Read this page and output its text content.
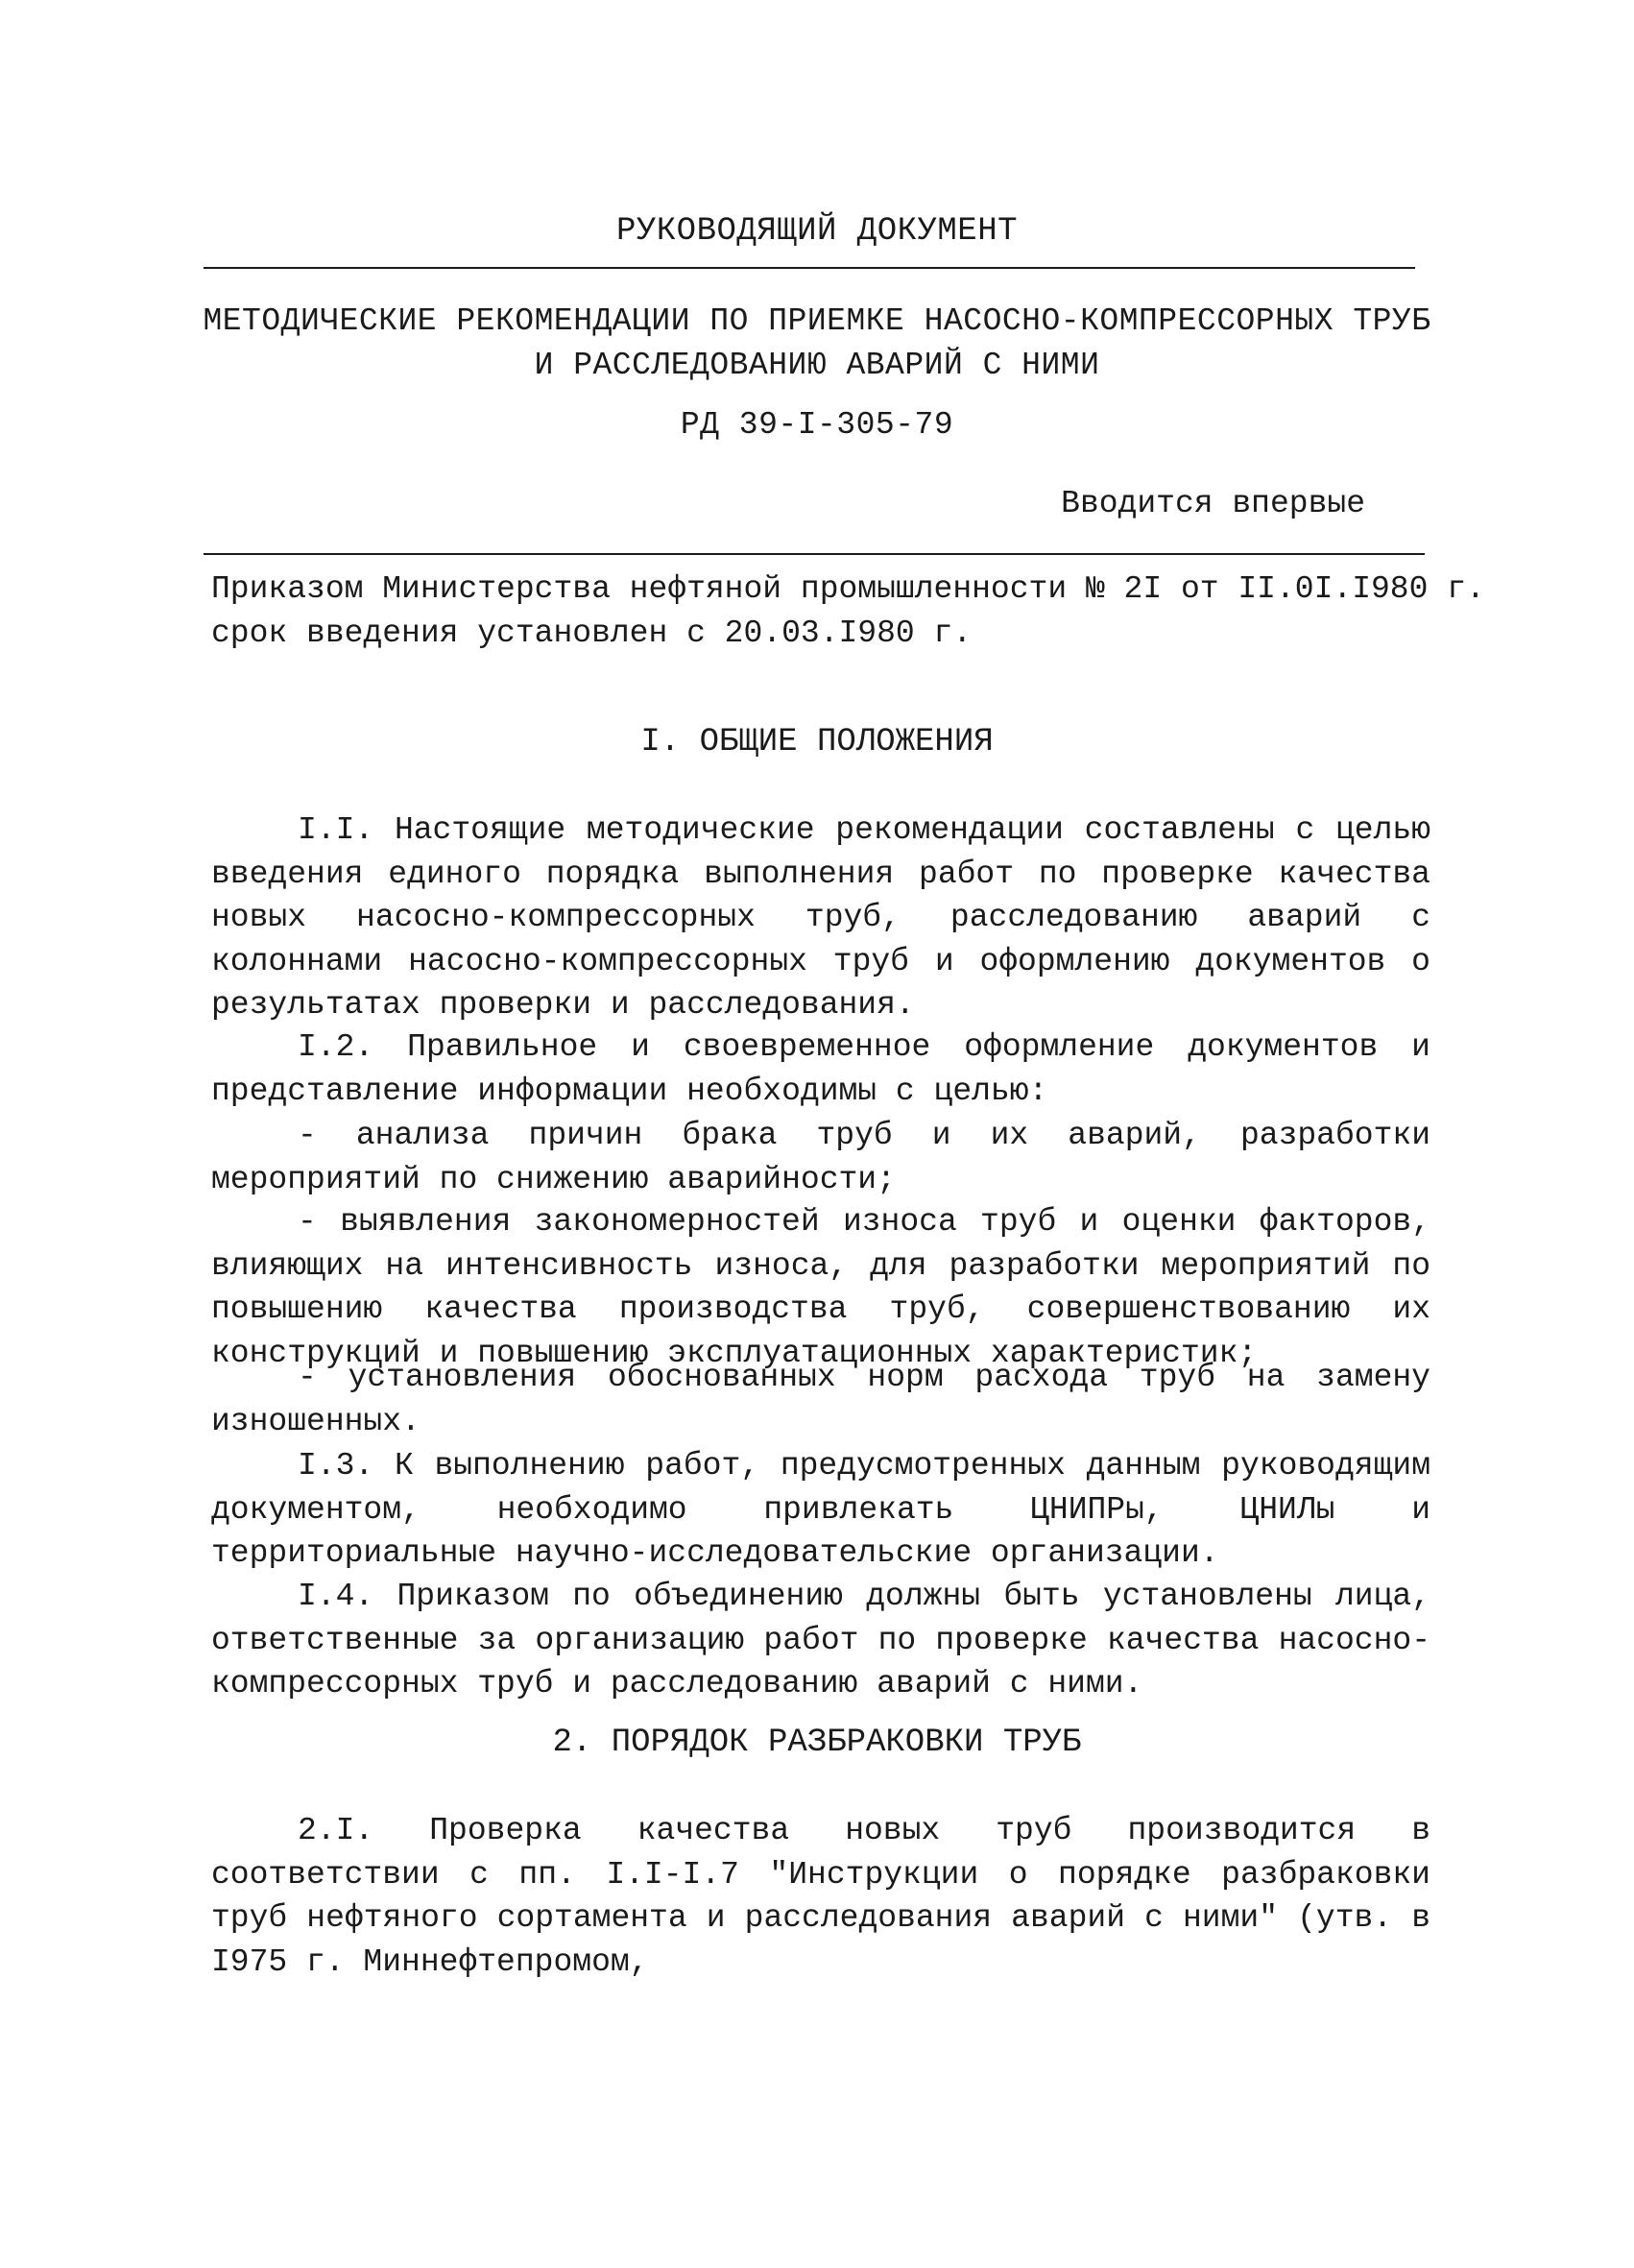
РУКОВОДЯЩИЙ ДОКУМЕНТ
МЕТОДИЧЕСКИЕ РЕКОМЕНДАЦИИ ПО ПРИЕМКЕ НАСОСНО-КОМПРЕССОРНЫХ ТРУБ
И РАССЛЕДОВАНИЮ АВАРИЙ С НИМИ
РД 39-I-305-79
Вводится впервые
Приказом Министерства нефтяной промышленности № 2I от II.0I.I980 г.
срок введения установлен с 20.03.I980 г.
I. ОБЩИЕ ПОЛОЖЕНИЯ

I.I. Настоящие методические рекомендации составлены с целью введения единого порядка выполнения работ по проверке качества новых насосно-компрессорных труб, расследованию аварий с колоннами насосно-компрессорных труб и оформлению документов о результатах проверки и расследования.

I.2. Правильное и своевременное оформление документов и представление информации необходимы с целью:

- анализа причин брака труб и их аварий, разработки мероприятий по снижению аварийности;

- выявления закономерностей износа труб и оценки факторов, влияющих на интенсивность износа, для разработки мероприятий по повышению качества производства труб, совершенствованию их конструкций и повышению эксплуатационных характеристик;

- установления обоснованных норм расхода труб на замену изношенных.

I.3. К выполнению работ, предусмотренных данным руководящим документом, необходимо привлекать ЦНИПРы, ЦНИЛы и территориальные научно-исследовательские организации.

I.4. Приказом по объединению должны быть установлены лица, ответственные за организацию работ по проверке качества насосно-компрессорных труб и расследованию аварий с ними.

2. ПОРЯДОК РАЗБРАКОВКИ ТРУБ

2.I. Проверка качества новых труб производится в соответствии с пп. I.I-I.7 "Инструкции о порядке разбраковки труб нефтяного сортамента и расследования аварий с ними" (утв. в I975 г. Миннефтепромом,
